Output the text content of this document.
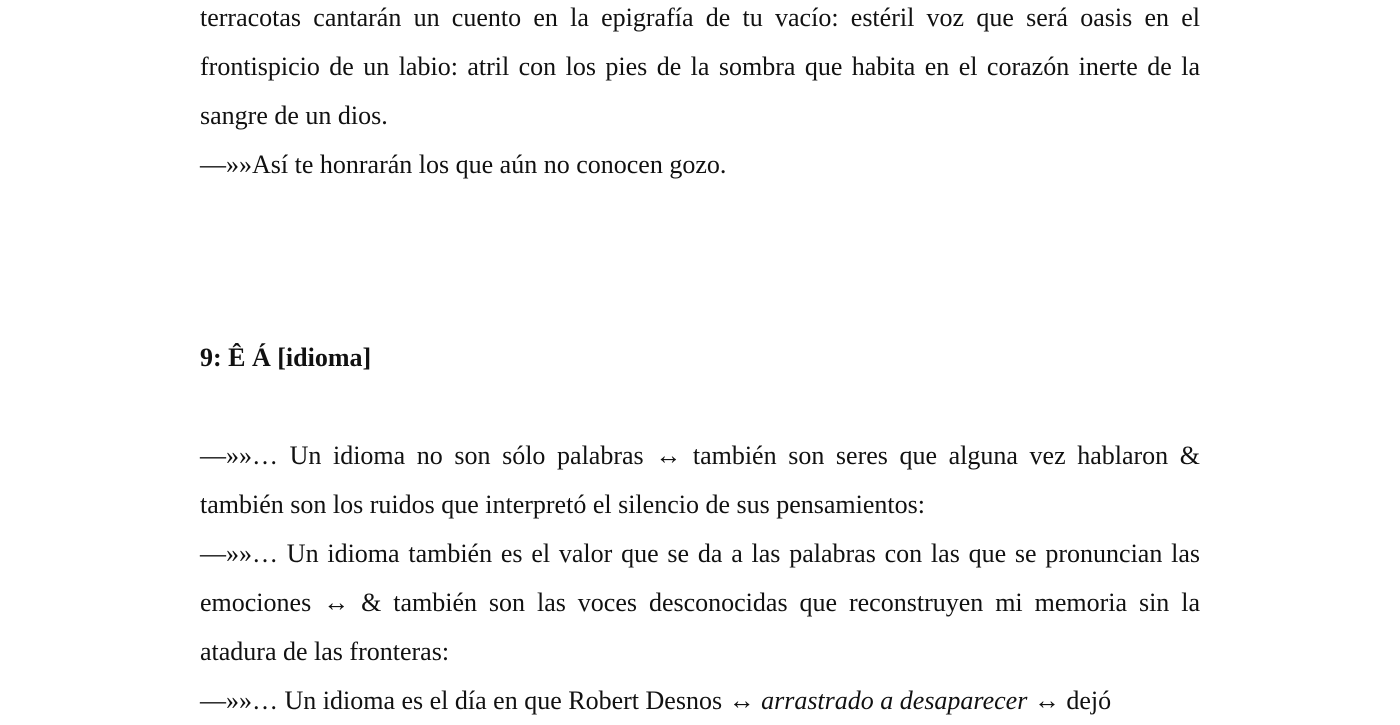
terracotas cantarán un cuento en la epigrafía de tu vacío: estéril voz que será oasis en el frontispicio de un labio: atril con los pies de la sombra que habita en el corazón inerte de la sangre de un dios.

—»»Así te honrarán los que aún no conocen gozo.

9: Ê Á [idioma]

—»»… Un idioma no son sólo palabras ↔ también son seres que alguna vez hablaron & también son los ruidos que interpretó el silencio de sus pensamientos:

—»»… Un idioma también es el valor que se da a las palabras con las que se pronuncian las emociones ↔ & también son las voces desconocidas que reconstruyen mi memoria sin la atadura de las fronteras:

—»»… Un idioma es el día en que Robert Desnos ↔ arrastrado a desaparecer ↔ dejó
